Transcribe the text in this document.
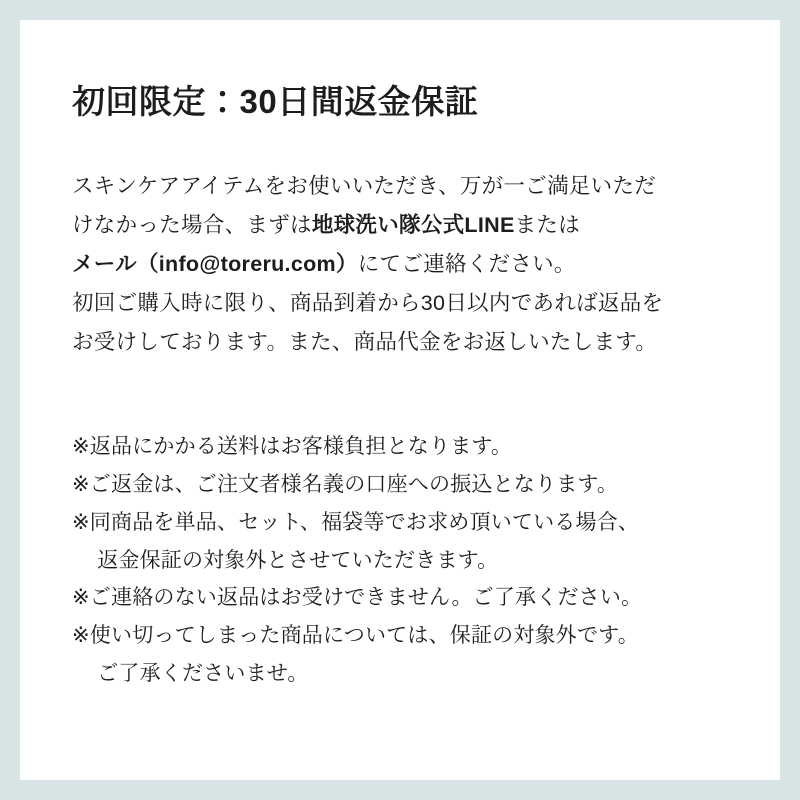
初回限定：30日間返金保証

スキンケアアイテムをお使いいただき、万が一ご満足いただ

けなかった場合、まずは地球洗い隊公式LINEまたは

メール（info@toreru.com）にてご連絡ください。

初回ご購入時に限り、商品到着から30日以内であれば返品を

お受けしております。また、商品代金をお返しいたします。

※返品にかかる送料はお客様負担となります。

※ご返金は、ご注文者様名義の口座への振込となります。

※同商品を単品、セット、福袋等でお求め頂いている場合、

返金保証の対象外とさせていただきます。

※ご連絡のない返品はお受けできません。ご了承ください。

※使い切ってしまった商品については、保証の対象外です。

ご了承くださいませ。
